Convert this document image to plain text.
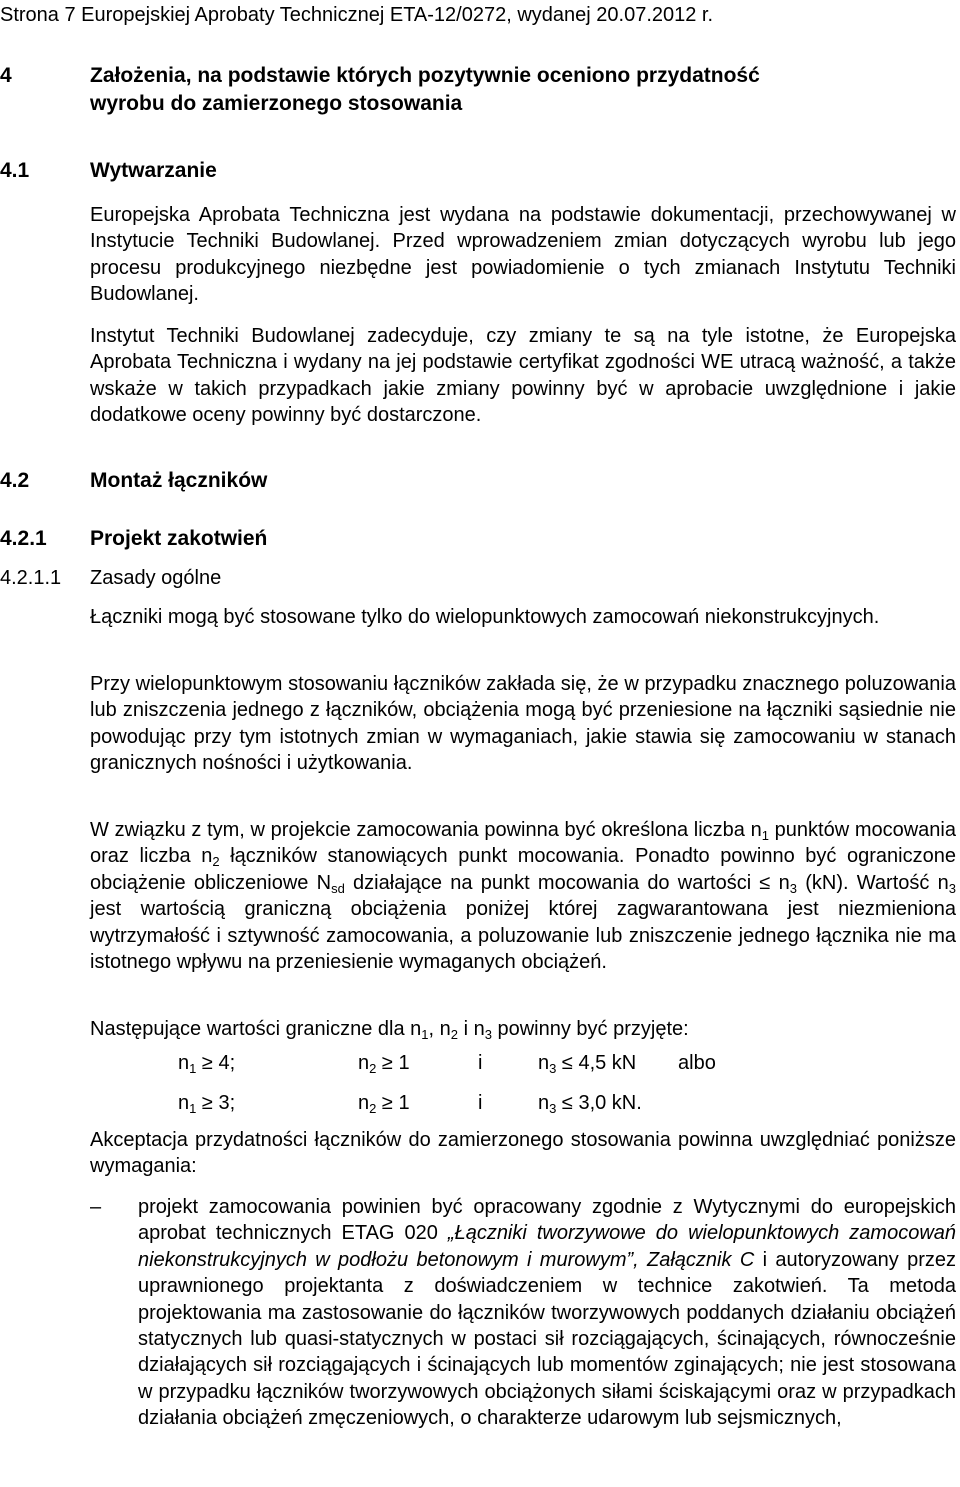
Strona 7 Europejskiej Aprobaty Technicznej ETA-12/0272, wydanej 20.07.2012 r.
4	Założenia, na podstawie których pozytywnie oceniono przydatność
wyrobu do zamierzonego stosowania
4.1	Wytwarzanie
Europejska Aprobata Techniczna jest wydana na podstawie dokumentacji, przechowywanej w Instytucie Techniki Budowlanej. Przed wprowadzeniem zmian dotyczących wyrobu lub jego procesu produkcyjnego niezbędne jest powiadomienie o tych zmianach Instytutu Techniki Budowlanej.
Instytut Techniki Budowlanej zadecyduje, czy zmiany te są na tyle istotne, że Europejska Aprobata Techniczna i wydany na jej podstawie certyfikat zgodności WE utracą ważność, a także wskaże w takich przypadkach jakie zmiany powinny być w aprobacie uwzględnione i jakie dodatkowe oceny powinny być dostarczone.
4.2	Montaż łączników
4.2.1 Projekt zakotwień
4.2.1.1 Zasady ogólne
Łączniki mogą być stosowane tylko do wielopunktowych zamocowań niekonstrukcyjnych.
Przy wielopunktowym stosowaniu łączników zakłada się, że w przypadku znacznego poluzowania lub zniszczenia jednego z łączników, obciążenia mogą być przeniesione na łączniki sąsiednie nie powodując przy tym istotnych zmian w wymaganiach, jakie stawia się zamocowaniu w stanach granicznych nośności i użytkowania.
W związku z tym, w projekcie zamocowania powinna być określona liczba $n_1$ punktów mocowania oraz liczba $n_2$ łączników stanowiących punkt mocowania. Ponadto powinno być ograniczone obciążenie obliczeniowe $N_{sd}$ działające na punkt mocowania do wartości ≤ $n_3$ (kN). Wartość $n_3$ jest wartością graniczną obciążenia poniżej której zagwarantowana jest niezmieniona wytrzymałość i sztywność zamocowania, a poluzowanie lub zniszczenie jednego łącznika nie ma istotnego wpływu na przeniesienie wymaganych obciążeń.
Następujące wartości graniczne dla $n_1$, $n_2$ i $n_3$ powinny być przyjęte:
$n_1 \ge 4$;	$n_2 \ge 1$	i	$n_3 \le 4,5$ kN albo
$n_1 \ge 3$;	$n_2 \ge 1$	i	$n_3 \le 3,0$ kN.
Akceptacja przydatności łączników do zamierzonego stosowania powinna uwzględniać poniższe wymagania:
– projekt zamocowania powinien być opracowany zgodnie z Wytycznymi do europejskich aprobat technicznych ETAG 020 „Łączniki tworzywowe do wielopunktowych zamocowań niekonstrukcyjnych w podłożu betonowym i murowym”, Załącznik C i autoryzowany przez uprawnionego projektanta z doświadczeniem w technice zakotwień. Ta metoda projektowania ma zastosowanie do łączników tworzywowych poddanych działaniu obciążeń statycznych lub quasi-statycznych w postaci sił rozciągających, ścinających, równocześnie działających sił rozciągających i ścinających lub momentów zginających; nie jest stosowana w przypadku łączników tworzywowych obciążonych siłami ściskającymi oraz w przypadkach działania obciążeń zmęczeniowych, o charakterze udarowym lub sejsmicznych,
